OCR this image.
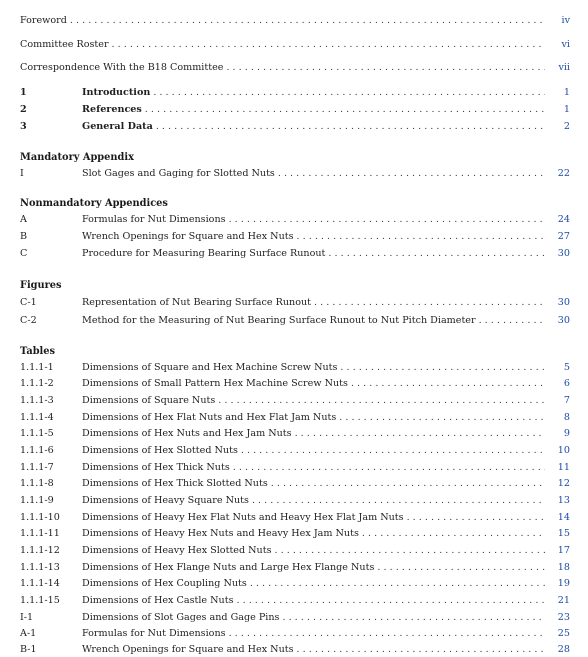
Foreword . . .	iv
Committee Roster . . .	vi
Correspondence With the B18 Committee . . .	vii
1	Introduction . . .	1
2	References . . .	1
3	General Data . . .	2
Mandatory Appendix
I	Slot Gages and Gaging for Slotted Nuts . . .	22
Nonmandatory Appendices
A	Formulas for Nut Dimensions . . .	24
B	Wrench Openings for Square and Hex Nuts . . .	27
C	Procedure for Measuring Bearing Surface Runout . . .	30
Figures
C-1	Representation of Nut Bearing Surface Runout . . .	30
C-2	Method for the Measuring of Nut Bearing Surface Runout to Nut Pitch Diameter . . .	30
Tables
1.1.1-1	Dimensions of Square and Hex Machine Screw Nuts . . .	5
1.1.1-2	Dimensions of Small Pattern Hex Machine Screw Nuts . . .	6
1.1.1-3	Dimensions of Square Nuts . . .	7
1.1.1-4	Dimensions of Hex Flat Nuts and Hex Flat Jam Nuts . . .	8
1.1.1-5	Dimensions of Hex Nuts and Hex Jam Nuts . . .	9
1.1.1-6	Dimensions of Hex Slotted Nuts . . .	10
1.1.1-7	Dimensions of Hex Thick Nuts . . .	11
1.1.1-8	Dimensions of Hex Thick Slotted Nuts . . .	12
1.1.1-9	Dimensions of Heavy Square Nuts . . .	13
1.1.1-10	Dimensions of Heavy Hex Flat Nuts and Heavy Hex Flat Jam Nuts . . .	14
1.1.1-11	Dimensions of Heavy Hex Nuts and Heavy Hex Jam Nuts . . .	15
1.1.1-12	Dimensions of Heavy Hex Slotted Nuts . . .	17
1.1.1-13	Dimensions of Hex Flange Nuts and Large Hex Flange Nuts . . .	18
1.1.1-14	Dimensions of Hex Coupling Nuts . . .	19
1.1.1-15	Dimensions of Hex Castle Nuts . . .	21
I-1	Dimensions of Slot Gages and Gage Pins . . .	23
A-1	Formulas for Nut Dimensions . . .	25
B-1	Wrench Openings for Square and Hex Nuts . . .	28
